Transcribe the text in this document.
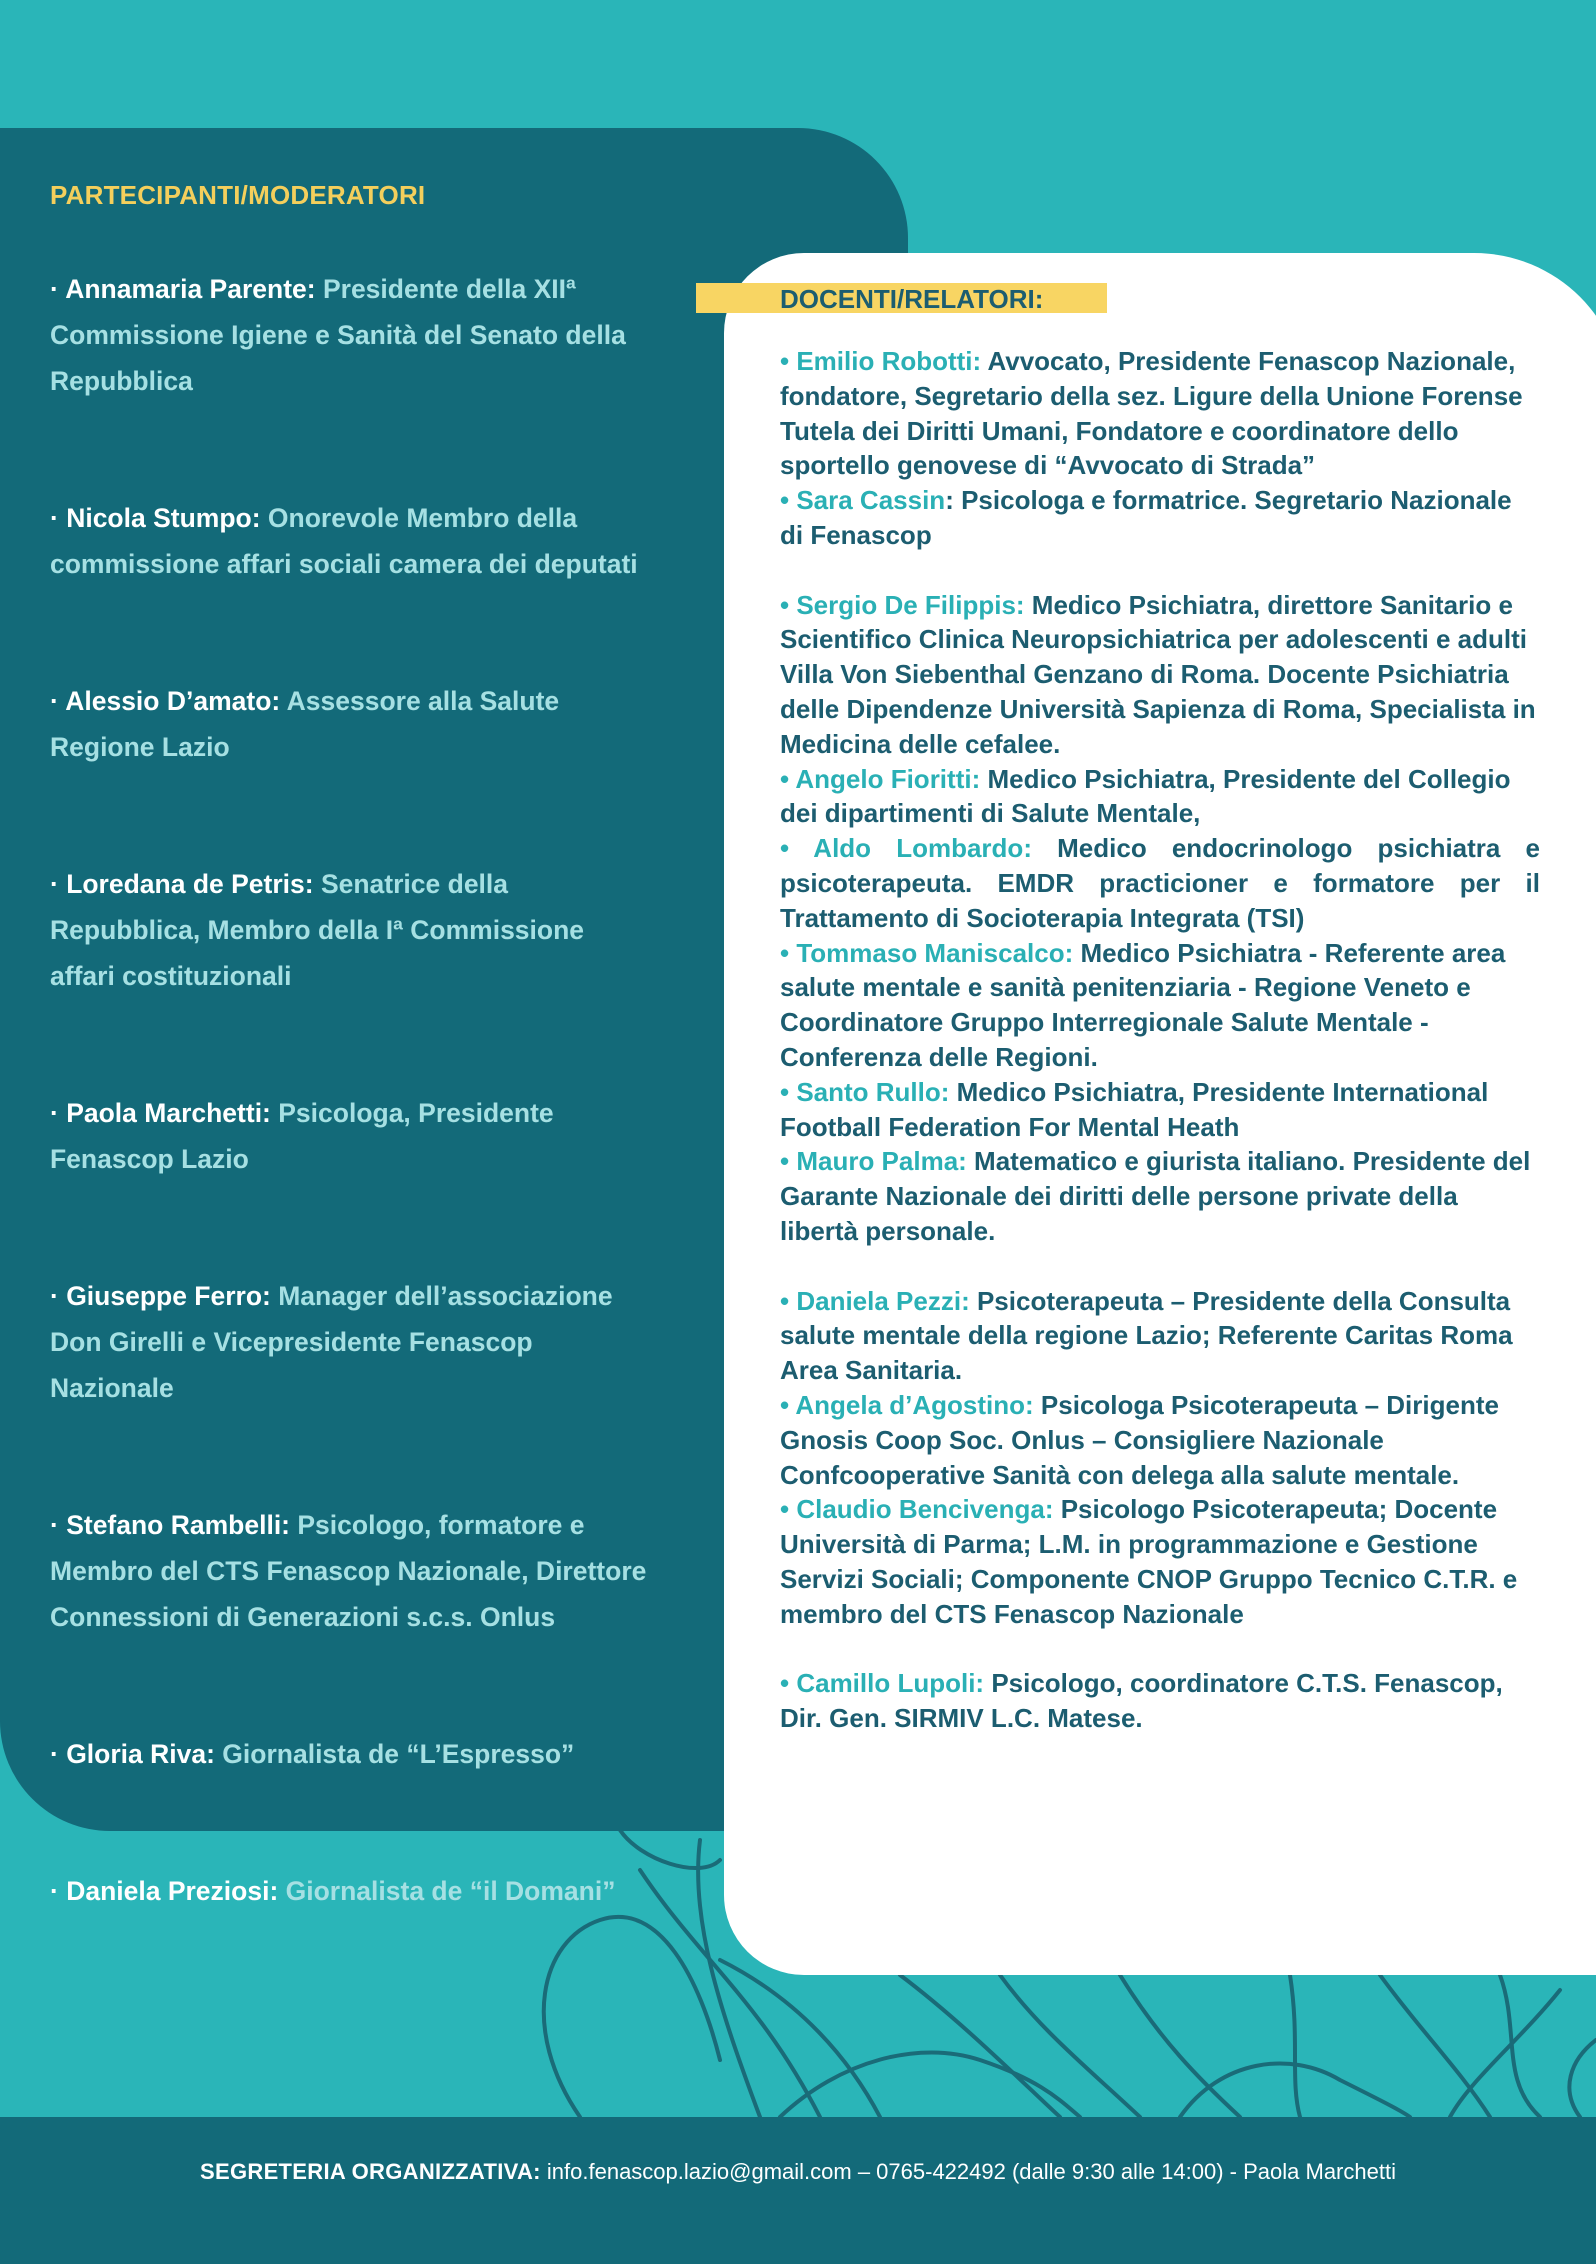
PARTECIPANTI/MODERATORI
· Annamaria Parente: Presidente della XIIª Commissione Igiene e Sanità del Senato della Repubblica
· Nicola Stumpo: Onorevole Membro della commissione affari sociali camera dei deputati
· Alessio D’amato: Assessore alla Salute Regione Lazio
· Loredana de Petris: Senatrice della Repubblica, Membro della Iª Commissione affari costituzionali
· Paola Marchetti: Psicologa, Presidente Fenascop Lazio
· Giuseppe Ferro: Manager dell’associazione Don Girelli e Vicepresidente Fenascop Nazionale
· Stefano Rambelli: Psicologo, formatore e Membro del CTS Fenascop Nazionale, Direttore Connessioni di Generazioni s.c.s. Onlus
· Gloria Riva: Giornalista de “L’Espresso”
· Daniela Preziosi: Giornalista de “il Domani”
DOCENTI/RELATORI:
• Emilio Robotti: Avvocato, Presidente Fenascop Nazionale, fondatore, Segretario della sez. Ligure della Unione Forense Tutela dei Diritti Umani, Fondatore e coordinatore dello sportello genovese di “Avvocato di Strada”
• Sara Cassin: Psicologa e formatrice. Segretario Nazionale di Fenascop
• Sergio De Filippis: Medico Psichiatra, direttore Sanitario e Scientifico Clinica Neuropsichiatrica per adolescenti e adulti Villa Von Siebenthal Genzano di Roma. Docente Psichiatria delle Dipendenze Università Sapienza di Roma, Specialista in Medicina delle cefalee.
• Angelo Fioritti: Medico Psichiatra, Presidente del Collegio dei dipartimenti di Salute Mentale,
• Aldo Lombardo: Medico endocrinologo psichiatra e psicoterapeuta. EMDR practicioner e formatore per il Trattamento di Socioterapia Integrata (TSI)
• Tommaso Maniscalco: Medico Psichiatra - Referente area salute mentale e sanità penitenziaria - Regione Veneto e Coordinatore Gruppo Interregionale Salute Mentale - Conferenza delle Regioni.
• Santo Rullo: Medico Psichiatra, Presidente International Football Federation For Mental Heath
• Mauro Palma: Matematico e giurista italiano. Presidente del Garante Nazionale dei diritti delle persone private della libertà personale.
• Daniela Pezzi: Psicoterapeuta – Presidente della Consulta salute mentale della regione Lazio; Referente Caritas Roma Area Sanitaria.
• Angela d’Agostino: Psicologa Psicoterapeuta – Dirigente Gnosis Coop Soc. Onlus – Consigliere Nazionale Confcooperative Sanità con delega alla salute mentale.
• Claudio Bencivenga: Psicologo Psicoterapeuta; Docente Università di Parma; L.M. in programmazione e Gestione Servizi Sociali; Componente CNOP Gruppo Tecnico C.T.R. e membro del CTS Fenascop Nazionale
• Camillo Lupoli: Psicologo, coordinatore C.T.S. Fenascop, Dir. Gen. SIRMIV L.C. Matese.
SEGRETERIA ORGANIZZATIVA: info.fenascop.lazio@gmail.com – 0765-422492 (dalle 9:30 alle 14:00) - Paola Marchetti
